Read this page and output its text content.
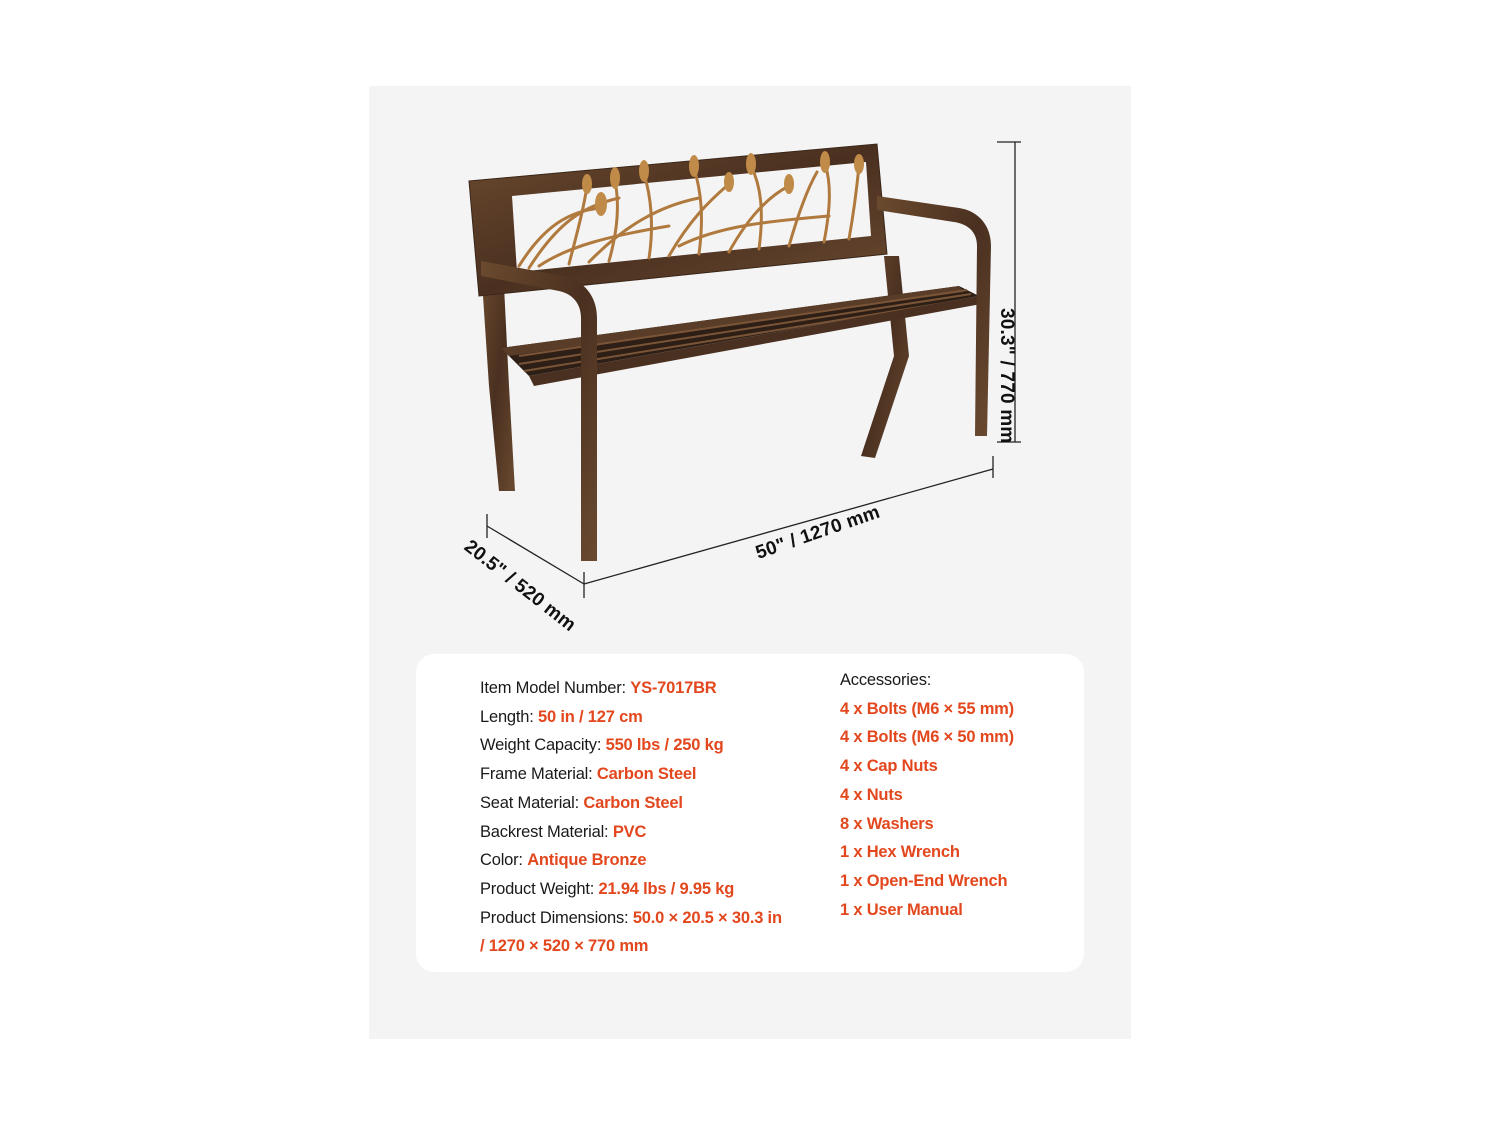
30.3" / 770 mm
50" / 1270 mm
20.5" / 520 mm
Item Model Number: YS-7017BR
Length: 50 in / 127 cm
Weight Capacity: 550 lbs / 250 kg
Frame Material: Carbon Steel
Seat Material: Carbon Steel
Backrest Material: PVC
Color: Antique Bronze
Product Weight: 21.94 lbs / 9.95 kg
Product Dimensions: 50.0 × 20.5 × 30.3 in
/ 1270 × 520 × 770 mm
Accessories:
4 x Bolts (M6 × 55 mm)
4 x Bolts (M6 × 50 mm)
4 x Cap Nuts
4 x Nuts
8 x Washers
1 x Hex Wrench
1 x Open-End Wrench
1 x User Manual
